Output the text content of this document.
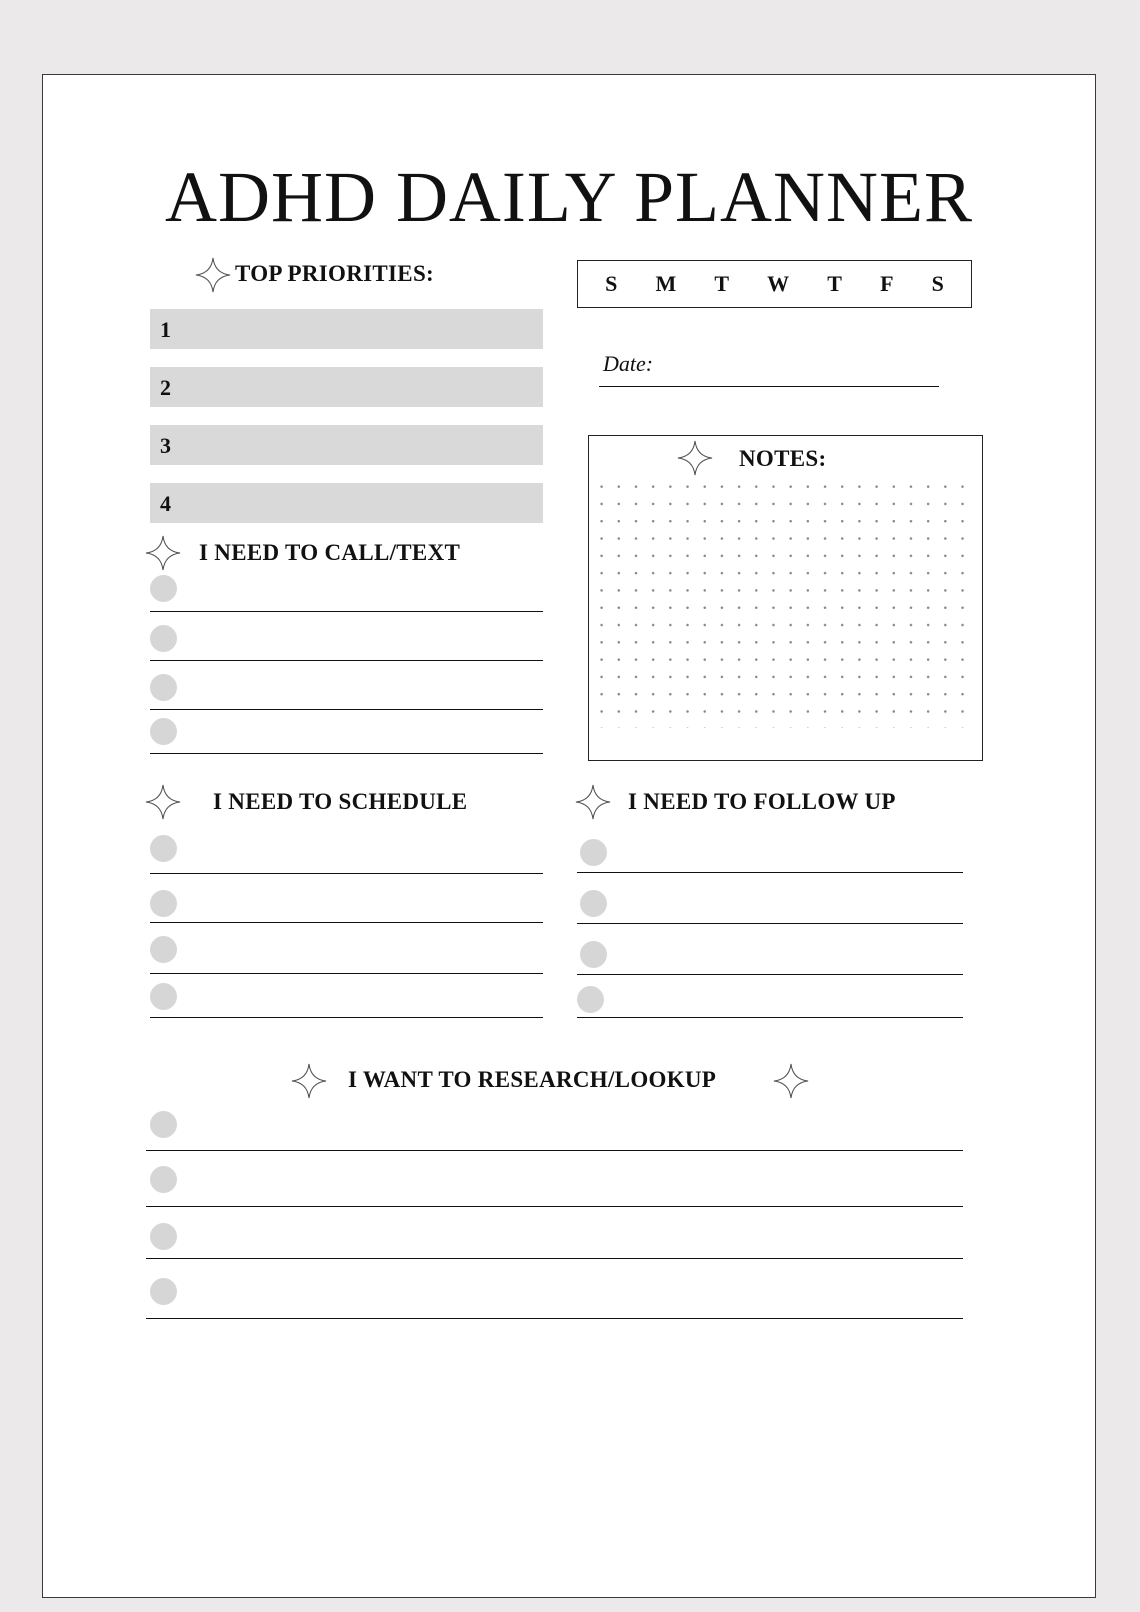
ADHD DAILY PLANNER
TOP PRIORITIES:
1
2
3
4
S M T W T F S
Date:
NOTES:
I NEED TO CALL/TEXT
I NEED TO SCHEDULE	I NEED TO FOLLOW UP
I WANT TO RESEARCH/LOOKUP
